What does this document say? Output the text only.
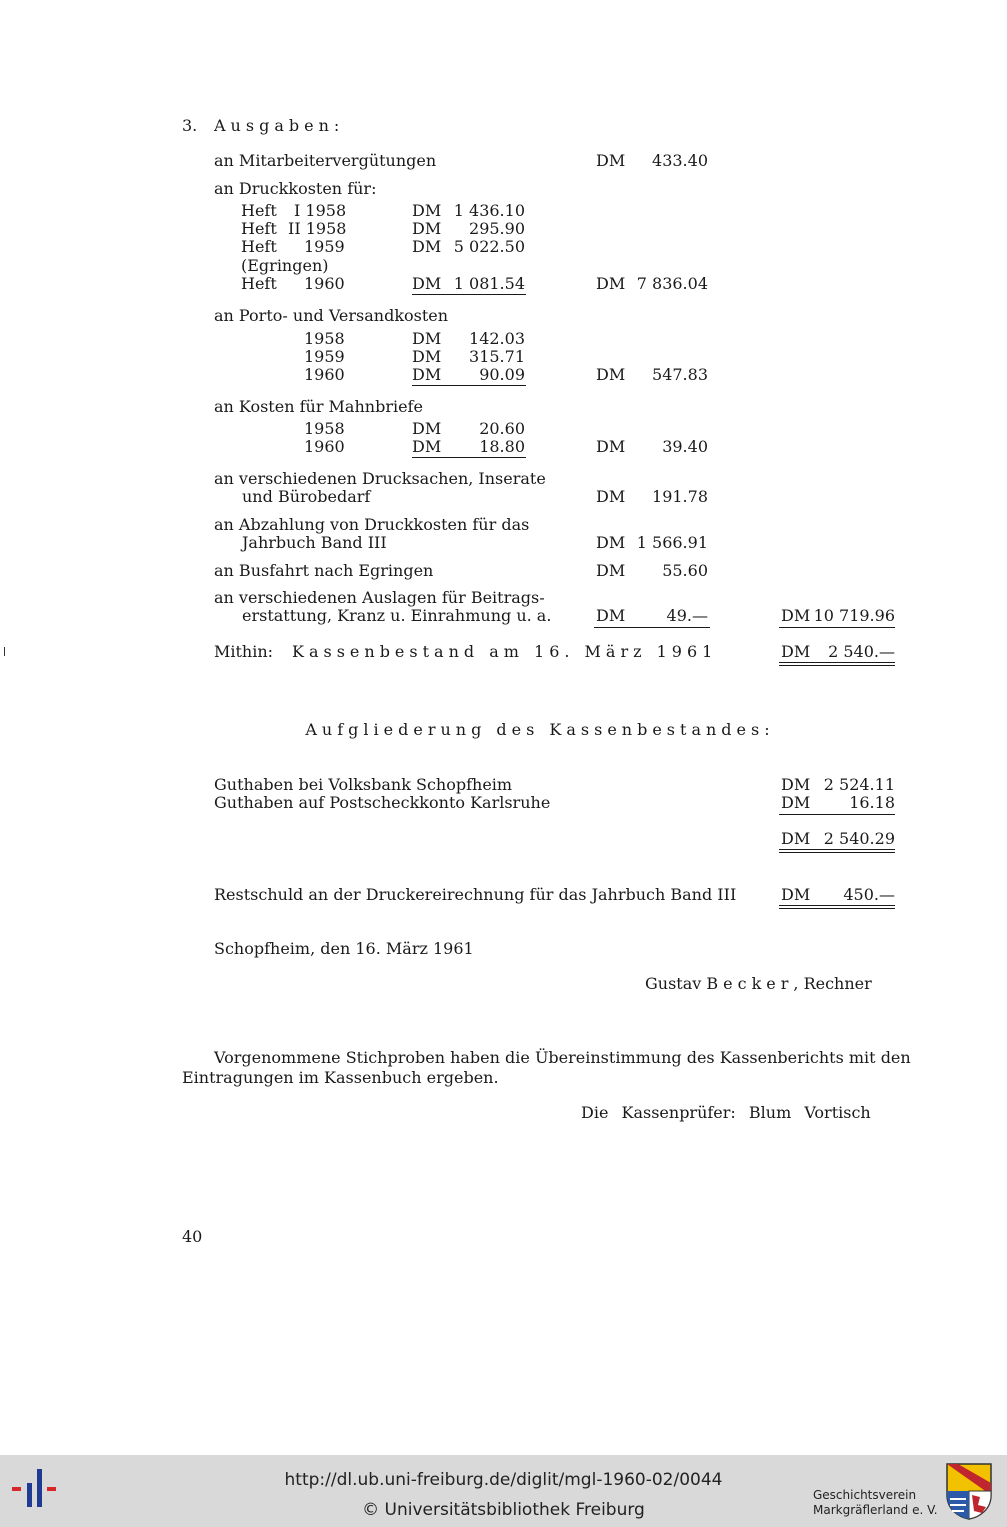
3. Ausgaben:
an Mitarbeitervergütungen	DM	433.40
an Druckkosten für:
Heft I 1958	DM 1 436.10
Heft II 1958	DM	295.90
Heft 1959	DM 5 022.50
(Egringen)
Heft 1960	DM 1 081.54	DM 7 836.04
an Porto- und Versandkosten
1958	DM	142.03
1959	DM	315.71
1960	DM	90.09	DM	547.83
an Kosten für Mahnbriefe
1958	DM	20.60
1960	DM	18.80	DM	39.40
an verschiedenen Drucksachen, Inserate
und Bürobedarf	DM	191.78
an Abzahlung von Druckkosten für das
Jahrbuch Band III	DM 1 566.91
an Busfahrt nach Egringen	DM	55.60
an verschiedenen Auslagen für Beitrags-
erstattung, Kranz u. Einrahmung u. a.	DM	49.—	DM 10 719.96
Mithin: Kassenbestand am 16. März 1961	DM	2 540.—
Aufgliederung des Kassenbestandes:
Guthaben bei Volksbank Schopfheim	DM 2 524.11
Guthaben auf Postscheckkonto Karlsruhe	DM	16.18
DM 2 540.29
Restschuld an der Druckereirechnung für das Jahrbuch Band III	DM	450.—
Schopfheim, den 16. März 1961
Gustav Becker, Rechner
Vorgenommene Stichproben haben die Übereinstimmung des Kassenberichts mit den
Eintragungen im Kassenbuch ergeben.
Die Kassenprüfer: Blum Vortisch
40
http://dl.ub.uni-freiburg.de/diglit/mgl-1960-02/0044
© Universitätsbibliothek Freiburg
Geschichtsverein
Markgräflerland e. V.
